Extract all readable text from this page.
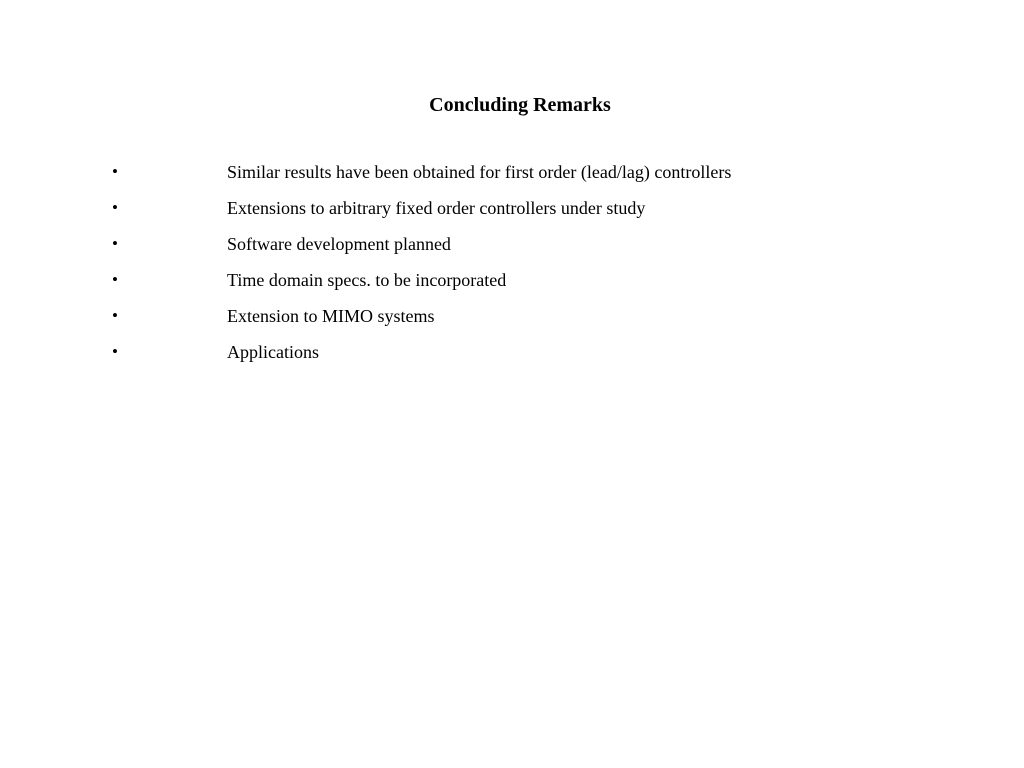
Concluding Remarks
•	Similar results have been obtained for first order (lead/lag) controllers
•	Extensions to arbitrary fixed order controllers under study
•	Software development planned
•	Time domain specs. to be incorporated
•	Extension to MIMO systems
•	Applications
